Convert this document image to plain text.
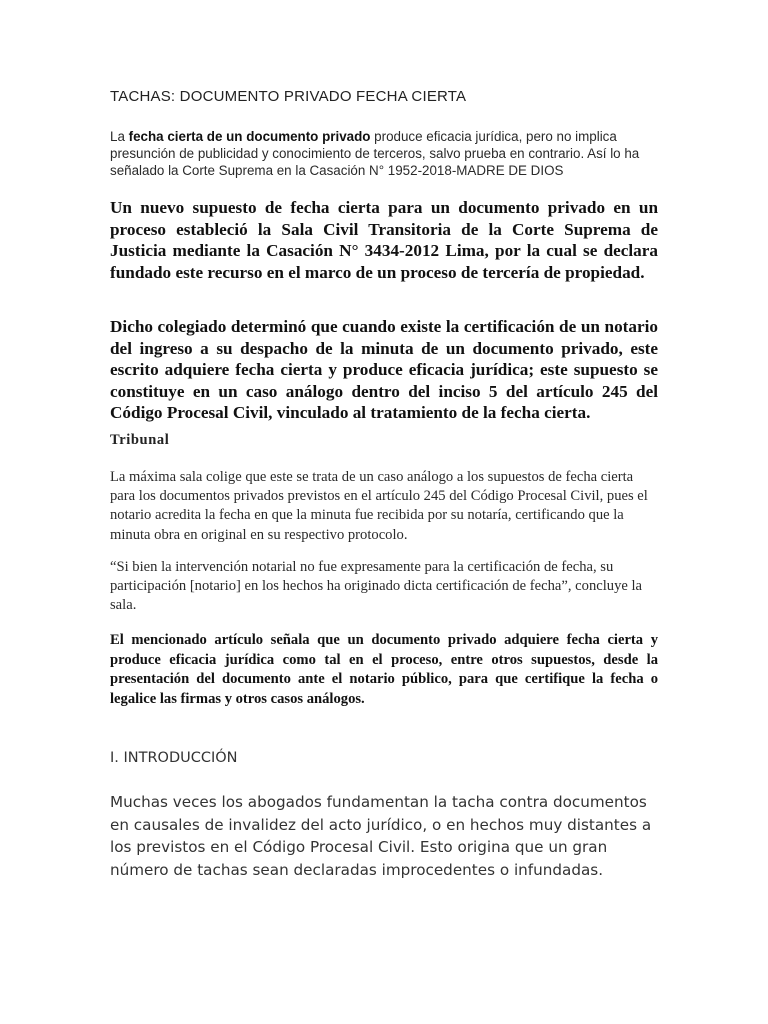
TACHAS: DOCUMENTO PRIVADO FECHA CIERTA

La fecha cierta de un documento privado produce eficacia jurídica, pero no implica presunción de publicidad y conocimiento de terceros, salvo prueba en contrario. Así lo ha señalado la Corte Suprema en la Casación N° 1952-2018-MADRE DE DIOS

Un nuevo supuesto de fecha cierta para un documento privado en un proceso estableció la Sala Civil Transitoria de la Corte Suprema de Justicia mediante la Casación N° 3434-2012 Lima, por la cual se declara fundado este recurso en el marco de un proceso de tercería de propiedad.

Dicho colegiado determinó que cuando existe la certificación de un notario del ingreso a su despacho de la minuta de un documento privado, este escrito adquiere fecha cierta y produce eficacia jurídica; este supuesto se constituye en un caso análogo dentro del inciso 5 del artículo 245 del Código Procesal Civil, vinculado al tratamiento de la fecha cierta.

Tribunal

La máxima sala colige que este se trata de un caso análogo a los supuestos de fecha cierta para los documentos privados previstos en el artículo 245 del Código Procesal Civil, pues el notario acredita la fecha en que la minuta fue recibida por su notaría, certificando que la minuta obra en original en su respectivo protocolo.

“Si bien la intervención notarial no fue expresamente para la certificación de fecha, su participación [notario] en los hechos ha originado dicta certificación de fecha”, concluye la sala.

El mencionado artículo señala que un documento privado adquiere fecha cierta y produce eficacia jurídica como tal en el proceso, entre otros supuestos, desde la presentación del documento ante el notario público, para que certifique la fecha o legalice las firmas y otros casos análogos.

I. INTRODUCCIÓN

Muchas veces los abogados fundamentan la tacha contra documentos en causales de invalidez del acto jurídico, o en hechos muy distantes a los previstos en el Código Procesal Civil. Esto origina que un gran número de tachas sean declaradas improcedentes o infundadas.
